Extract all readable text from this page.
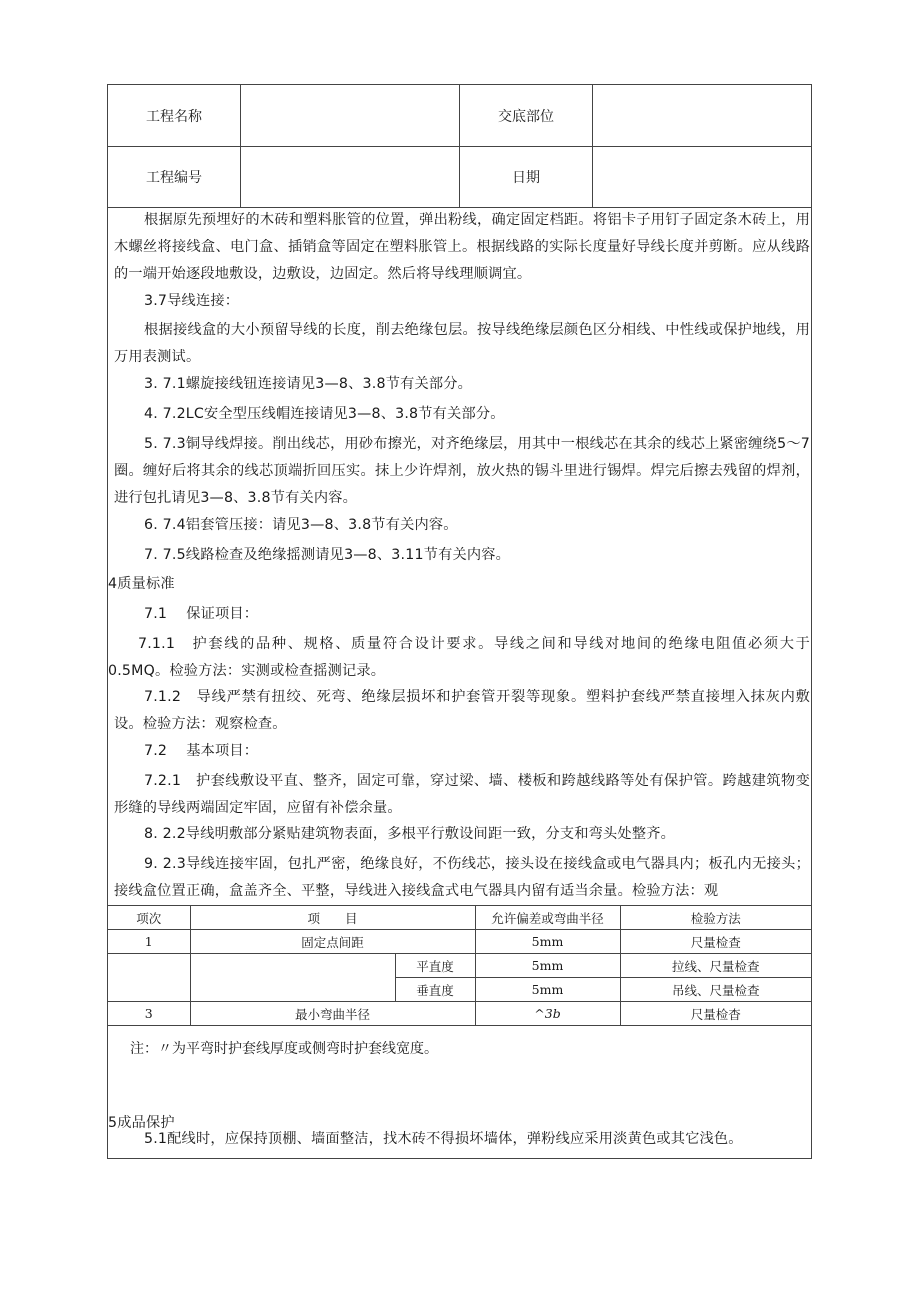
工程名称	交底部位
工程编号	日期
根据原先预埋好的木砖和塑料胀管的位置，弹出粉线，确定固定档距。将铝卡子用钉子固定条木砖上，用木螺丝将接线盒、电门盒、插销盒等固定在塑料胀管上。根据线路的实际长度量好导线长度并剪断。应从线路的一端开始逐段地敷设，边敷设，边固定。然后将导线理顺调宜。
3.7导线连接：
根据接线盒的大小预留导线的长度，削去绝缘包层。按导线绝缘层颜色区分相线、中性线或保护地线，用万用表测试。
3. 7.1螺旋接线钮连接请见3—8、3.8节有关部分。
4. 7.2LC安全型压线帽连接请见3—8、3.8节有关部分。
5. 7.3铜导线焊接。削出线芯，用砂布擦光，对齐绝缘层，用其中一根线芯在其余的线芯上紧密缠绕5～7圈。缠好后将其余的线芯顶端折回压实。抹上少许焊剂，放火热的锡斗里进行锡焊。焊完后擦去残留的焊剂，进行包扎请见3—8、3.8节有关内容。
6. 7.4铝套管压接：请见3—8、3.8节有关内容。
7. 7.5线路检查及绝缘摇测请见3—8、3.11节有关内容。
4质量标准
7.1　 保证项目：
7.1.1　护套线的品种、规格、质量符合设计要求。导线之间和导线对地间的绝缘电阻值必须大于0.5MQ。检验方法：实测或检查摇测记录。
7.1.2　导线严禁有扭绞、死弯、绝缘层损坏和护套管开裂等现象。塑料护套线严禁直接埋入抹灰内敷设。检验方法：观察检查。
7.2　 基本项目：
7.2.1　护套线敷设平直、整齐，固定可靠，穿过梁、墙、楼板和跨越线路等处有保护管。跨越建筑物变形缝的导线两端固定牢固，应留有补偿余量。
8. 2.2导线明敷部分紧贴建筑物表面，多根平行敷设间距一致，分支和弯头处整齐。
9. 2.3导线连接牢固，包扎严密，绝缘良好，不伤线芯，接头设在接线盒或电气器具内；板孔内无接头；接线盒位置正确，盒盖齐全、平整，导线进入接线盒式电气器具内留有适当余量。检验方法：观
项次	项　　目		允许偏差或弯曲半径	检验方法
1	固定点间距		5mm	尺量检查
		平直度	5mm	拉线、尺量检查
		垂直度	5mm	吊线、尺量检查
3	最小弯曲半径		^3b	尺量检杳
注：〃为平弯时护套线厚度或侧弯时护套线宽度。
5成品保护
5.1配线时，应保持顶棚、墙面整洁，找木砖不得损坏墙体，弹粉线应采用淡黄色或其它浅色。
